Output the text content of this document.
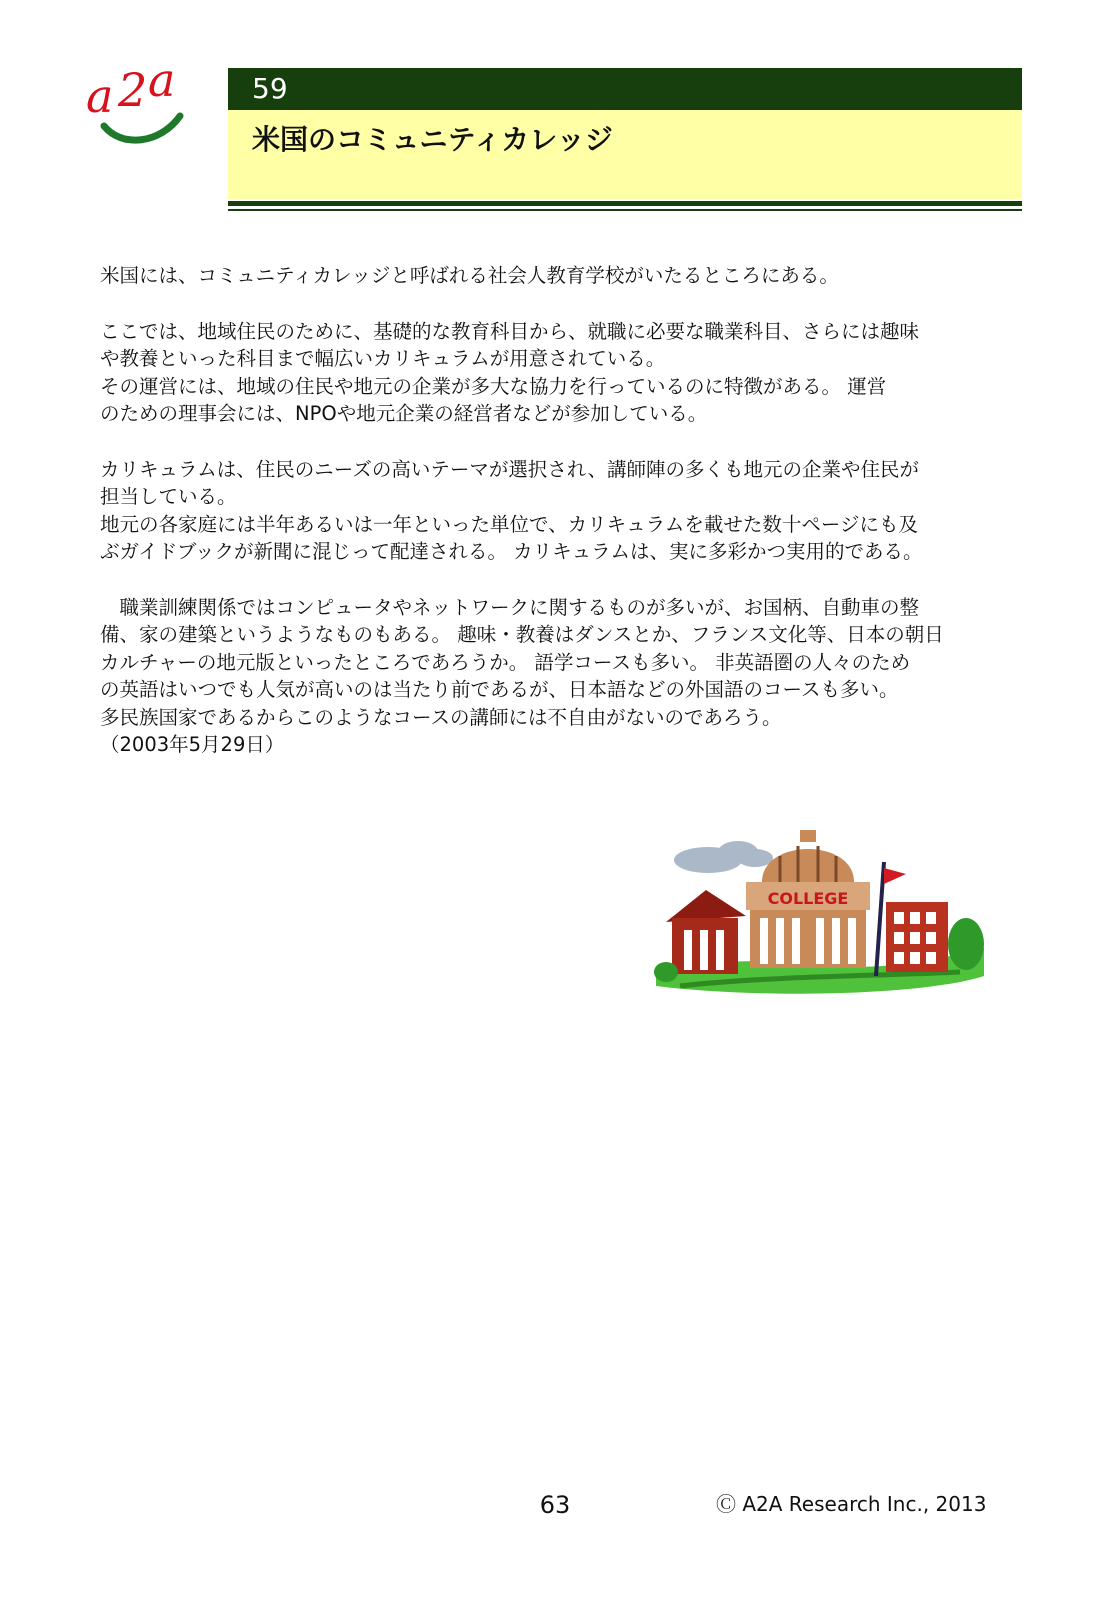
a 2 a	59
米国のコミュニティカレッジ

米国には、コミュニティカレッジと呼ばれる社会人教育学校がいたるところにある。

ここでは、地域住民のために、基礎的な教育科目から、就職に必要な職業科目、さらには趣味

や教養といった科目まで幅広いカリキュラムが用意されている。

その運営には、地域の住民や地元の企業が多大な協力を行っているのに特徴がある。 運営

のための理事会には、NPOや地元企業の経営者などが参加している。

カリキュラムは、住民のニーズの高いテーマが選択され、講師陣の多くも地元の企業や住民が

担当している。

地元の各家庭には半年あるいは一年といった単位で、カリキュラムを載せた数十ページにも及

ぶガイドブックが新聞に混じって配達される。 カリキュラムは、実に多彩かつ実用的である。

　職業訓練関係ではコンピュータやネットワークに関するものが多いが、お国柄、自動車の整

備、家の建築というようなものもある。 趣味・教養はダンスとか、フランス文化等、日本の朝日

カルチャーの地元版といったところであろうか。 語学コースも多い。 非英語圏の人々のため

の英語はいつでも人気が高いのは当たり前であるが、日本語などの外国語のコースも多い。

多民族国家であるからこのようなコースの講師には不自由がないのであろう。

（2003年5月29日）

COLLEGE
63	Ⓒ A2A Research Inc., 2013
